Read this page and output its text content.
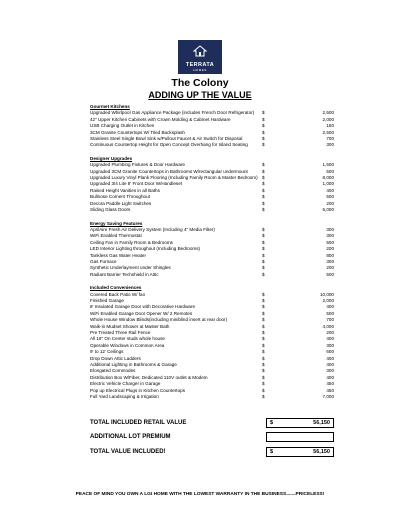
TERRATA
HOMES
The Colony
ADDING UP THE VALUE
Gourmet Kitchens
Upgraded Whirlpool Gas Appliance Package (includes French Door Refrigerator)	$	2,500
42" Upper Kitchen Cabinets with Crown Molding & Cabinet Hardware	$	2,000
USB Charging Outlet in Kitchen	$	150
3CM Granite Countertops W/ Tiled Backsplash	$	2,500
Stainless Steel Single Bowl Sink w/Pullout Faucet & Air Switch for Disposal	$	700
Continuous Countertop Height for Open Concept Overhang for Island Seating	$	300
Designer Upgrades
Upgraded Plumbing Fixtures & Door Hardware	$	1,500
Upgraded 3CM Granite Countertops in Bathrooms W/rectangular undermount	$	500
Upgraded Luxury Vinyl Plank Flooring (Including Family Room & Master Bedroom) $	8,000
Upgraded 3/4 Lite 8' Front Door W/Handleset	$	1,000
Raised Height Vanities in all Baths	$	400
Bullnose Corners Throughout	$	500
Decora Paddle Light Switches	$	200
Sliding Glass Doors	$	5,000
Energy Saving Features
AprilAire Fresh Air Delivery System (Including 4" Media Filter)	$	300
WiFi Enabled Thermostat	$	300
Ceiling Fan in Family Room & Bedrooms	$	500
LED Interior Lighting throughout (Including Bedrooms)	$	200
Tankless Gas Water Heater	$	800
Gas Furnace	$	300
Synthetic Underlayment under Shingles	$	200
Radiant Barrier Techshield in Attic	$	500
Included Conveniences
Covered Back Patio W/ fan	$	10,000
Finished Garage	$	2,000
8' Insulated Garage Door with Decorative Hardware	$	400
WiFi Enabled Garage Door Opener W/ 2 Remotes	$	500
Whole House Window Blinds(including miniblind insert at rear door)	$	700
Walk-in Mudset Shower at Master Bath	$	4,000
Pre Treated Three Rail Fence	$	200
All 16" On Center studs whole house	$	400
Operable Windows in Common Area	$	300
9' to 12' Ceilings	$	600
Drop Down Attic Ladders	$	400
Additional Lighting in Bathrooms & Garage	$	400
Elongated Commodes	$	300
Distribution Box W/Fiber, Dedicated 110V outlet & Modem	$	400
Electric Vehicle Charger in Garage	$	450
Pop up Electrical Plugs in Kitchen Countertops	$	450
Full Yard Landscaping & Irrigation	$	7,000
TOTAL INCLUDED RETAIL VALUE	$	56,150
ADDITIONAL LOT PREMIUM
TOTAL VALUE INCLUDED!	$	56,150
PEACE OF MIND YOU OWN A LGI HOME WITH THE LOWEST WARRANTY IN THE BUSINESS.......PRICELESS!
